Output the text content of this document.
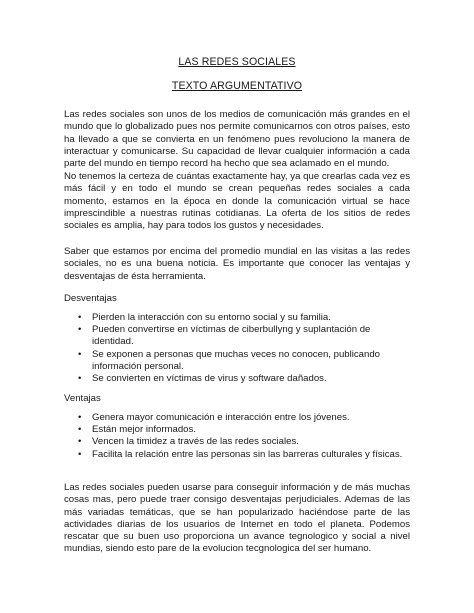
LAS REDES SOCIALES
TEXTO ARGUMENTATIVO

Las redes sociales son unos de los medios de comunicación más grandes en el mundo que lo globalizado pues nos permite comunicarnos con otros países, esto ha llevado a que se convierta en un fenómeno pues revoluciono la manera de interactuar y comunicarse. Su capacidad de llevar cualquier información a cada parte del mundo en tiempo record ha hecho que sea aclamado en el mundo.

No tenemos la certeza de cuántas exactamente hay, ya que crearlas cada vez es más fácil y en todo el mundo se crean pequeñas redes sociales a cada momento, estamos en la época en donde la comunicación virtual se hace imprescindible a nuestras rutinas cotidianas. La oferta de los sitios de redes sociales es amplia, hay para todos los gustos y necesidades.

Saber que estamos por encima del promedio mundial en las visitas a las redes sociales, no es una buena noticia. Es importante que conocer las ventajas y desventajas de ésta herramienta.

Desventajas
• Pierden la interacción con su entorno social y su familia.
• Pueden convertirse en víctimas de ciberbullyng y suplantación de identidad.
• Se exponen a personas que muchas veces no conocen, publicando información personal.
• Se convierten en víctimas de virus y software dañados.
Ventajas
• Genera mayor comunicación e interacción entre los jóvenes.
• Están mejor informados.
• Vencen la timidez a través de las redes sociales.
• Facilita la relación entre las personas sin las barreras culturales y físicas.

Las redes sociales pueden usarse para conseguir información y de más muchas cosas mas, pero puede traer consigo desventajas perjudiciales. Ademas de las más variadas temáticas, que se han popularizado haciéndose parte de las actividades diarias de los usuarios de Internet en todo el planeta. Podemos rescatar que su buen uso proporciona un avance tegnologico y social a nivel mundias, siendo esto pare de la evolucion tecgnologica del ser humano.
